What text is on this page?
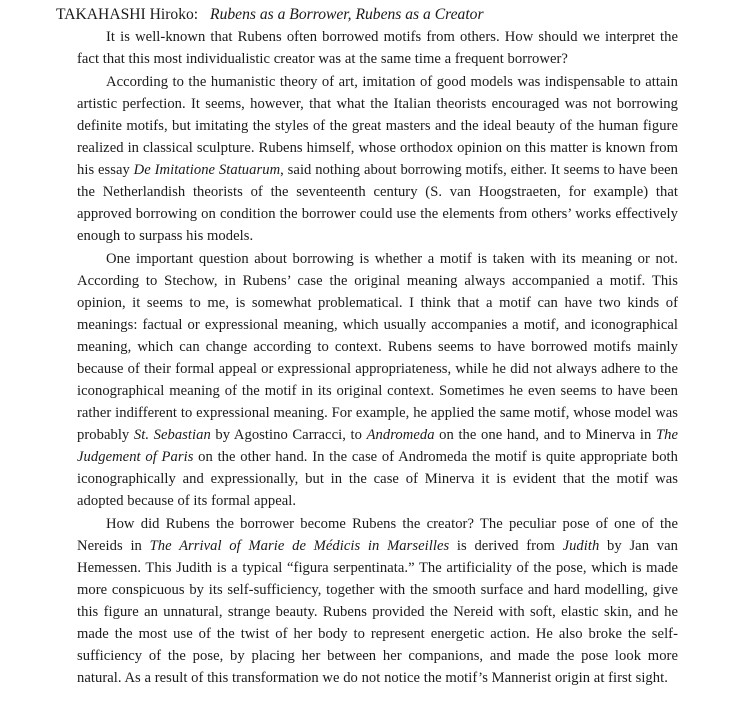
TAKAHASHI Hiroko: Rubens as a Borrower, Rubens as a Creator

It is well-known that Rubens often borrowed motifs from others. How should we interpret the fact that this most individualistic creator was at the same time a frequent borrower?

According to the humanistic theory of art, imitation of good models was indispensable to attain artistic perfection. It seems, however, that what the Italian theorists encouraged was not borrowing definite motifs, but imitating the styles of the great masters and the ideal beauty of the human figure realized in classical sculpture. Rubens himself, whose orthodox opinion on this matter is known from his essay De Imitatione Statuarum, said nothing about borrowing motifs, either. It seems to have been the Netherlandish theorists of the seventeenth century (S. van Hoogstraeten, for example) that approved borrowing on condition the borrower could use the elements from others’ works effectively enough to surpass his models.

One important question about borrowing is whether a motif is taken with its meaning or not. According to Stechow, in Rubens’ case the original meaning always accompanied a motif. This opinion, it seems to me, is somewhat problematical. I think that a motif can have two kinds of meanings: factual or expressional meaning, which usually accompanies a motif, and iconographical meaning, which can change according to context. Rubens seems to have borrowed motifs mainly because of their formal appeal or expressional appropriateness, while he did not always adhere to the iconographical meaning of the motif in its original context. Sometimes he even seems to have been rather indifferent to expressional meaning. For example, he applied the same motif, whose model was probably St. Sebastian by Agostino Carracci, to Andromeda on the one hand, and to Minerva in The Judgement of Paris on the other hand. In the case of Andromeda the motif is quite appropriate both iconographically and expressionally, but in the case of Minerva it is evident that the motif was adopted because of its formal appeal.

How did Rubens the borrower become Rubens the creator? The peculiar pose of one of the Nereids in The Arrival of Marie de Médicis in Marseilles is derived from Judith by Jan van Hemessen. This Judith is a typical “figura serpentinata.” The artificiality of the pose, which is made more conspicuous by its self-sufficiency, together with the smooth surface and hard modelling, give this figure an unnatural, strange beauty. Rubens provided the Nereid with soft, elastic skin, and he made the most use of the twist of her body to represent energetic action. He also broke the self-sufficiency of the pose, by placing her between her companions, and made the pose look more natural. As a result of this transformation we do not notice the motif’s Mannerist origin at first sight.
